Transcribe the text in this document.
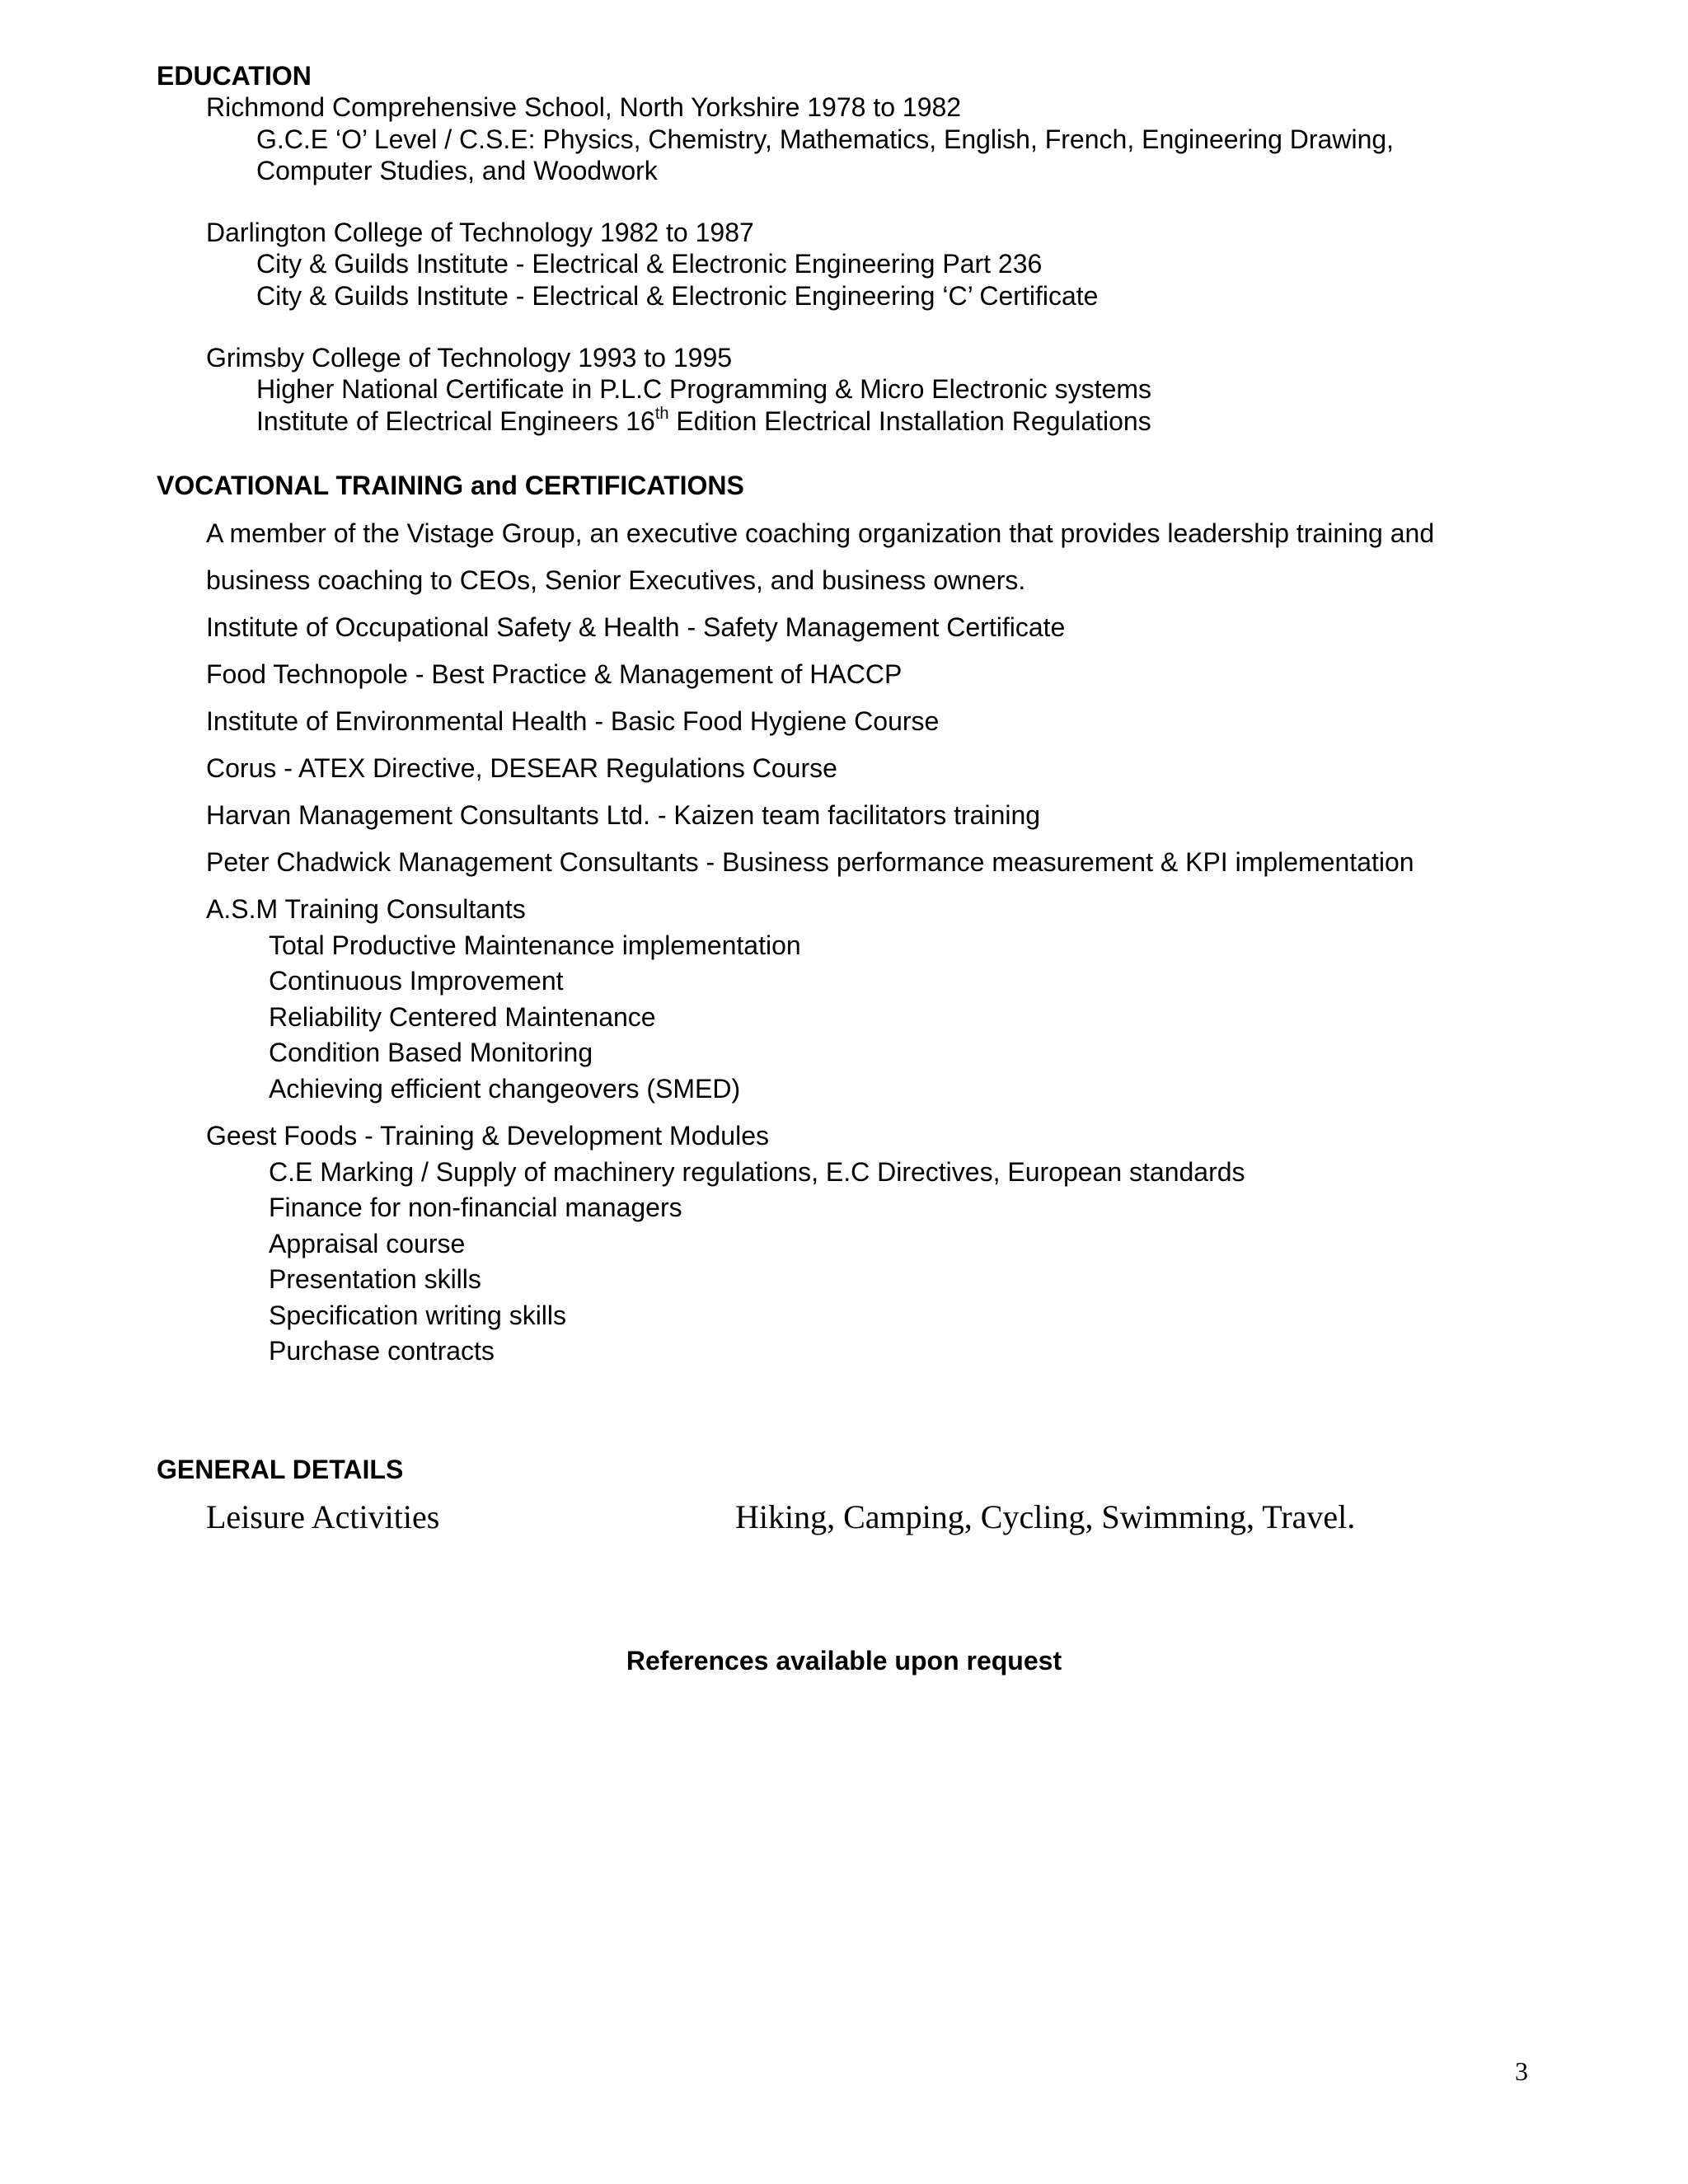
EDUCATION
Richmond Comprehensive School, North Yorkshire 1978 to 1982
G.C.E ‘O’ Level / C.S.E: Physics, Chemistry, Mathematics, English, French, Engineering Drawing,
Computer Studies, and Woodwork
Darlington College of Technology 1982 to 1987
City & Guilds Institute - Electrical & Electronic Engineering Part 236
City & Guilds Institute - Electrical & Electronic Engineering ‘C’ Certificate
Grimsby College of Technology 1993 to 1995
Higher National Certificate in P.L.C Programming & Micro Electronic systems
Institute of Electrical Engineers 16th Edition Electrical Installation Regulations
VOCATIONAL TRAINING and CERTIFICATIONS
A member of the Vistage Group, an executive coaching organization that provides leadership training and
business coaching to CEOs, Senior Executives, and business owners.
Institute of Occupational Safety & Health - Safety Management Certificate
Food Technopole - Best Practice & Management of HACCP
Institute of Environmental Health - Basic Food Hygiene Course
Corus - ATEX Directive, DESEAR Regulations Course
Harvan Management Consultants Ltd. - Kaizen team facilitators training
Peter Chadwick Management Consultants - Business performance measurement & KPI implementation
A.S.M Training Consultants
Total Productive Maintenance implementation
Continuous Improvement
Reliability Centered Maintenance
Condition Based Monitoring
Achieving efficient changeovers (SMED)
Geest Foods - Training & Development Modules
C.E Marking / Supply of machinery regulations, E.C Directives, European standards
Finance for non-financial managers
Appraisal course
Presentation skills
Specification writing skills
Purchase contracts
GENERAL DETAILS
Leisure Activities	Hiking, Camping, Cycling, Swimming, Travel.
References available upon request
3
